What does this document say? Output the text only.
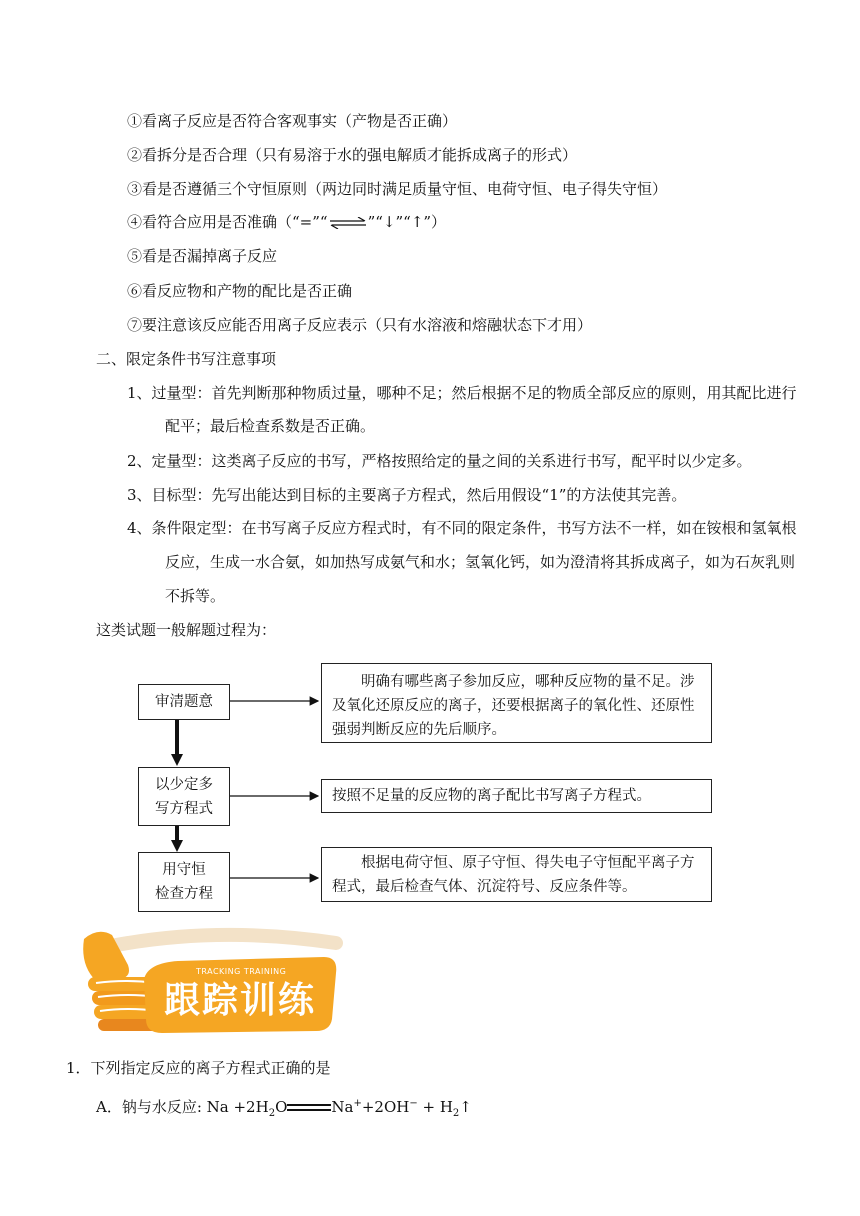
①看离子反应是否符合客观事实（产物是否正确）
②看拆分是否合理（只有易溶于水的强电解质才能拆成离子的形式）
③看是否遵循三个守恒原则（两边同时满足质量守恒、电荷守恒、电子得失守恒）
④看符合应用是否准确（“=”“⇌”“↓”“↑”）
⑤看是否漏掉离子反应
⑥看反应物和产物的配比是否正确
⑦要注意该反应能否用离子反应表示（只有水溶液和熔融状态下才用）
二、限定条件书写注意事项
1、过量型：首先判断那种物质过量，哪种不足；然后根据不足的物质全部反应的原则，用其配比进行
配平；最后检查系数是否正确。
2、定量型：这类离子反应的书写，严格按照给定的量之间的关系进行书写，配平时以少定多。
3、目标型：先写出能达到目标的主要离子方程式，然后用假设“1”的方法使其完善。
4、条件限定型：在书写离子反应方程式时，有不同的限定条件，书写方法不一样，如在铵根和氢氧根
反应，生成一水合氨，如加热写成氨气和水；氢氧化钙，如为澄清将其拆成离子，如为石灰乳则
不拆等。
这类试题一般解题过程为：
审清题意
以少定多
写方程式
用守恒
检查方程
明确有哪些离子参加反应，哪种反应物的量不足。涉及氧化还原反应的离子，还要根据离子的氧化性、还原性强弱判断反应的先后顺序。
按照不足量的反应物的离子配比书写离子方程式。
根据电荷守恒、原子守恒、得失电子守恒配平离子方程式，最后检查气体、沉淀符号、反应条件等。
TRACKING TRAINING
跟踪训练
1．下列指定反应的离子方程式正确的是
A．钠与水反应: $Na +2H_2O$	$Na^++2OH^- + H_2↑$
